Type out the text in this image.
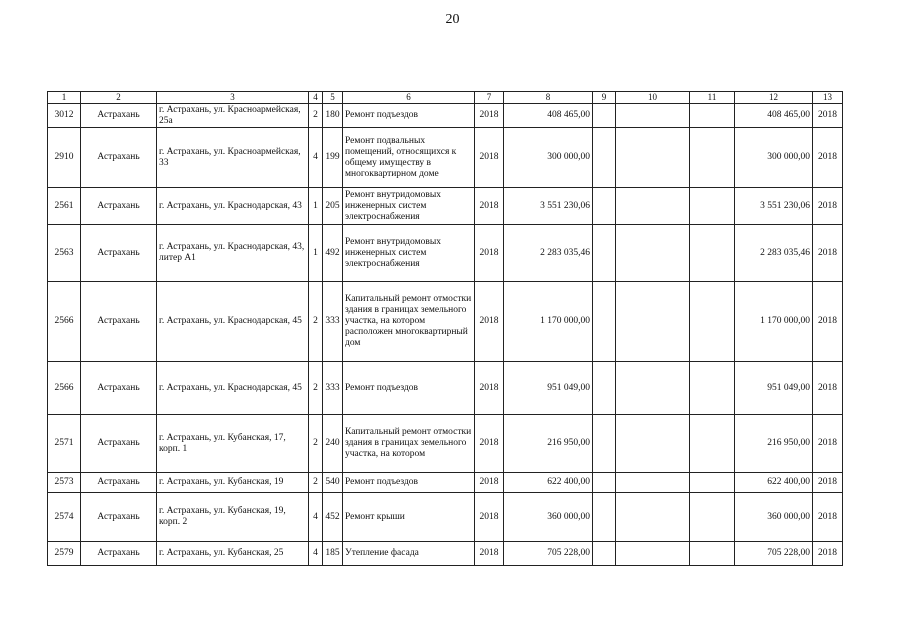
20
1	2	3	4	5	6	7	8	9	10	11	12	13
3012	Астрахань	г. Астрахань, ул. Красноармейская, 25а	2	180	Ремонт подъездов	2018	408 465,00				408 465,00	2018
2910	Астрахань	г. Астрахань, ул. Красноармейская, 33	4	199	Ремонт подвальных помещений, относящихся к общему имуществу в многоквартирном доме	2018	300 000,00				300 000,00	2018
2561	Астрахань	г. Астрахань, ул. Краснодарская, 43	1	205	Ремонт внутридомовых инженерных систем электроснабжения	2018	3 551 230,06				3 551 230,06	2018
2563	Астрахань	г. Астрахань, ул. Краснодарская, 43, литер А1	1	492	Ремонт внутридомовых инженерных систем электроснабжения	2018	2 283 035,46				2 283 035,46	2018
2566	Астрахань	г. Астрахань, ул. Краснодарская, 45	2	333	Капитальный ремонт отмостки здания в границах земельного участка, на котором расположен многоквартирный дом	2018	1 170 000,00				1 170 000,00	2018
2566	Астрахань	г. Астрахань, ул. Краснодарская, 45	2	333	Ремонт подъездов	2018	951 049,00				951 049,00	2018
2571	Астрахань	г. Астрахань, ул. Кубанская, 17, корп. 1	2	240	Капитальный ремонт отмостки здания в границах земельного участка, на котором	2018	216 950,00				216 950,00	2018
2573	Астрахань	г. Астрахань, ул. Кубанская, 19	2	540	Ремонт подъездов	2018	622 400,00				622 400,00	2018
2574	Астрахань	г. Астрахань, ул. Кубанская, 19, корп. 2	4	452	Ремонт крыши	2018	360 000,00				360 000,00	2018
2579	Астрахань	г. Астрахань, ул. Кубанская, 25	4	185	Утепление фасада	2018	705 228,00				705 228,00	2018
